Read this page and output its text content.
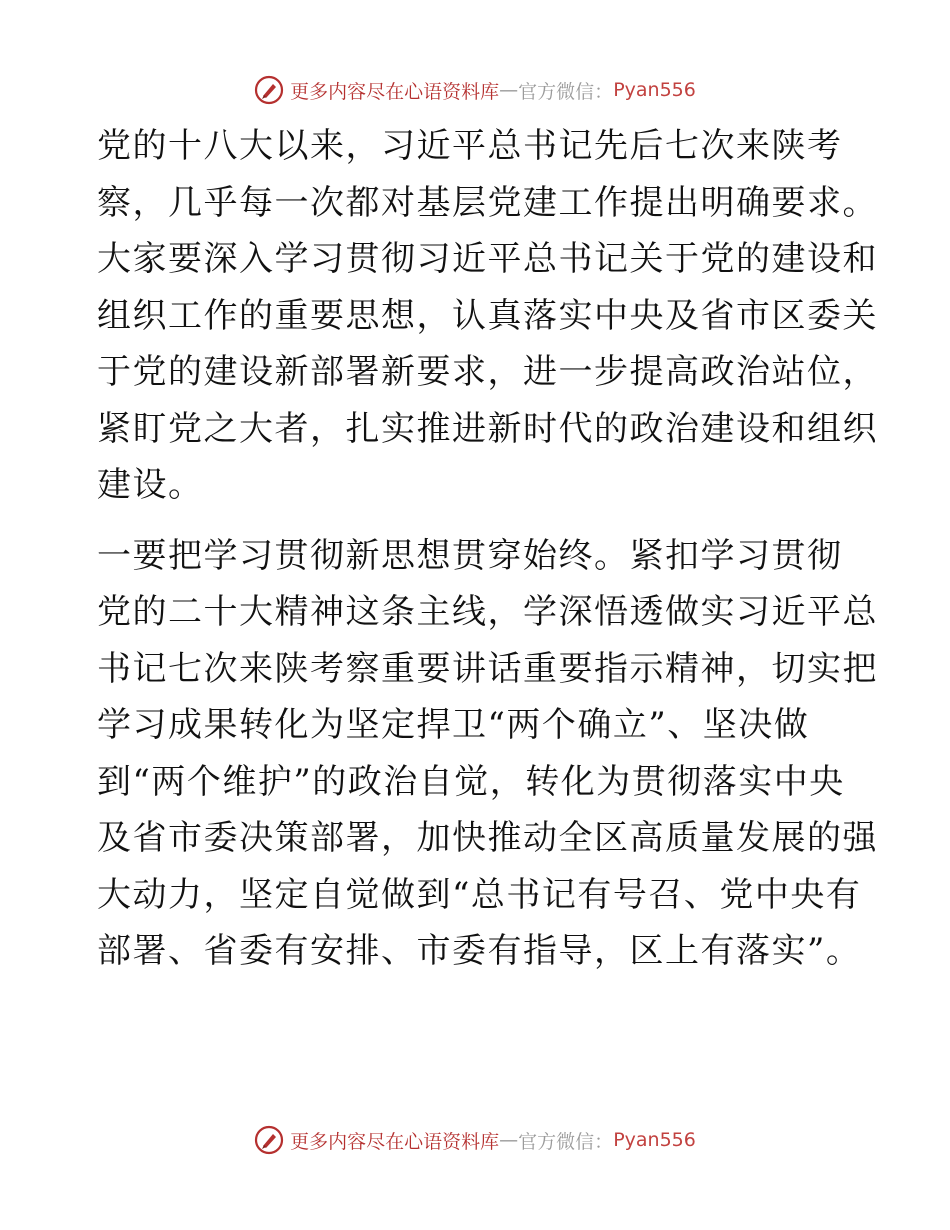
更多内容尽在心语资料库 — 官方微信： Pyan556

党的十八大以来，习近平总书记先后七次来陕考
察，几乎每一次都对基层党建工作提出明确要求。
大家要深入学习贯彻习近平总书记关于党的建设和
组织工作的重要思想，认真落实中央及省市区委关
于党的建设新部署新要求，进一步提高政治站位，
紧盯党之大者，扎实推进新时代的政治建设和组织
建设。

一要把学习贯彻新思想贯穿始终。紧扣学习贯彻
党的二十大精神这条主线，学深悟透做实习近平总
书记七次来陕考察重要讲话重要指示精神，切实把
学习成果转化为坚定捍卫“两个确立”、坚决做
到“两个维护”的政治自觉，转化为贯彻落实中央
及省市委决策部署，加快推动全区高质量发展的强
大动力，坚定自觉做到“总书记有号召、党中央有
部署、省委有安排、市委有指导，区上有落实”。

更多内容尽在心语资料库 — 官方微信： Pyan556
